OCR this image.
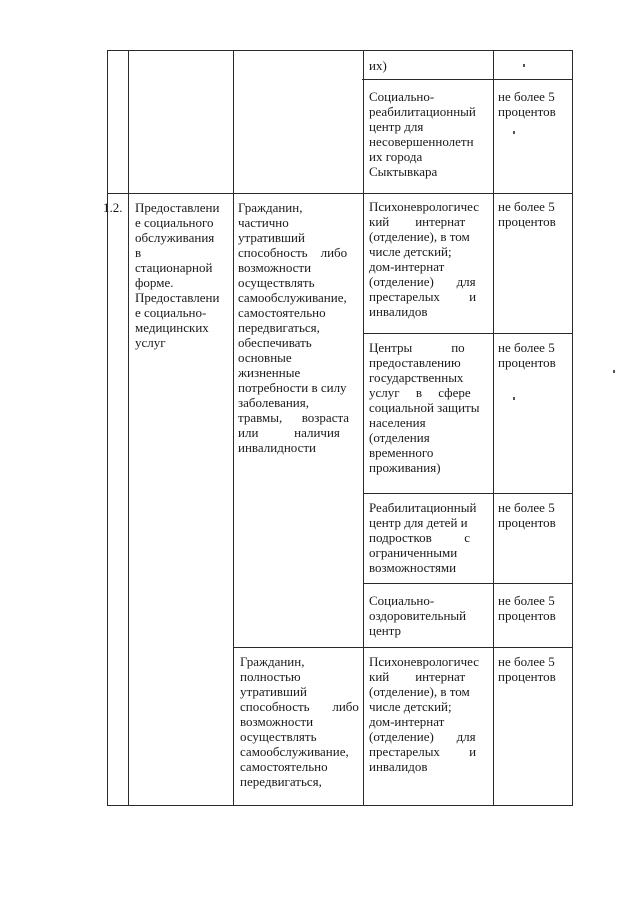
их)
Социально-
реабилитационный
центр для
несовершеннолетн
их города
Сыктывкара
не более 5
процентов
1.2. Предоставлени
е социального
обслуживания
в
стационарной
форме.
Предоставлени
е социально-
медицинских
услуг
Гражданин,
частично
утративший
способность    либо
возможности
осуществлять
самообслуживание,
самостоятельно
передвигаться,
обеспечивать
основные
жизненные
потребности в силу
заболевания,
травмы,      возраста
или           наличия
инвалидности
Психоневрологичес
кий        интернат
(отделение), в том
числе детский;
дом-интернат
(отделение)       для
престарелых         и
инвалидов
не более 5
процентов
Центры            по
предоставлению
государственных
услуг     в     сфере
социальной защиты
населения
(отделения
временного
проживания)
не более 5
процентов
Реабилитационный
центр для детей и
подростков          с
ограниченными
возможностями
не более 5
процентов
Социально-
оздоровительный
центр
не более 5
процентов
Гражданин,
полностью
утративший
способность       либо
возможности
осуществлять
самообслуживание,
самостоятельно
передвигаться,
Психоневрологичес
кий        интернат
(отделение), в том
числе детский;
дом-интернат
(отделение)       для
престарелых         и
инвалидов
не более 5
процентов
